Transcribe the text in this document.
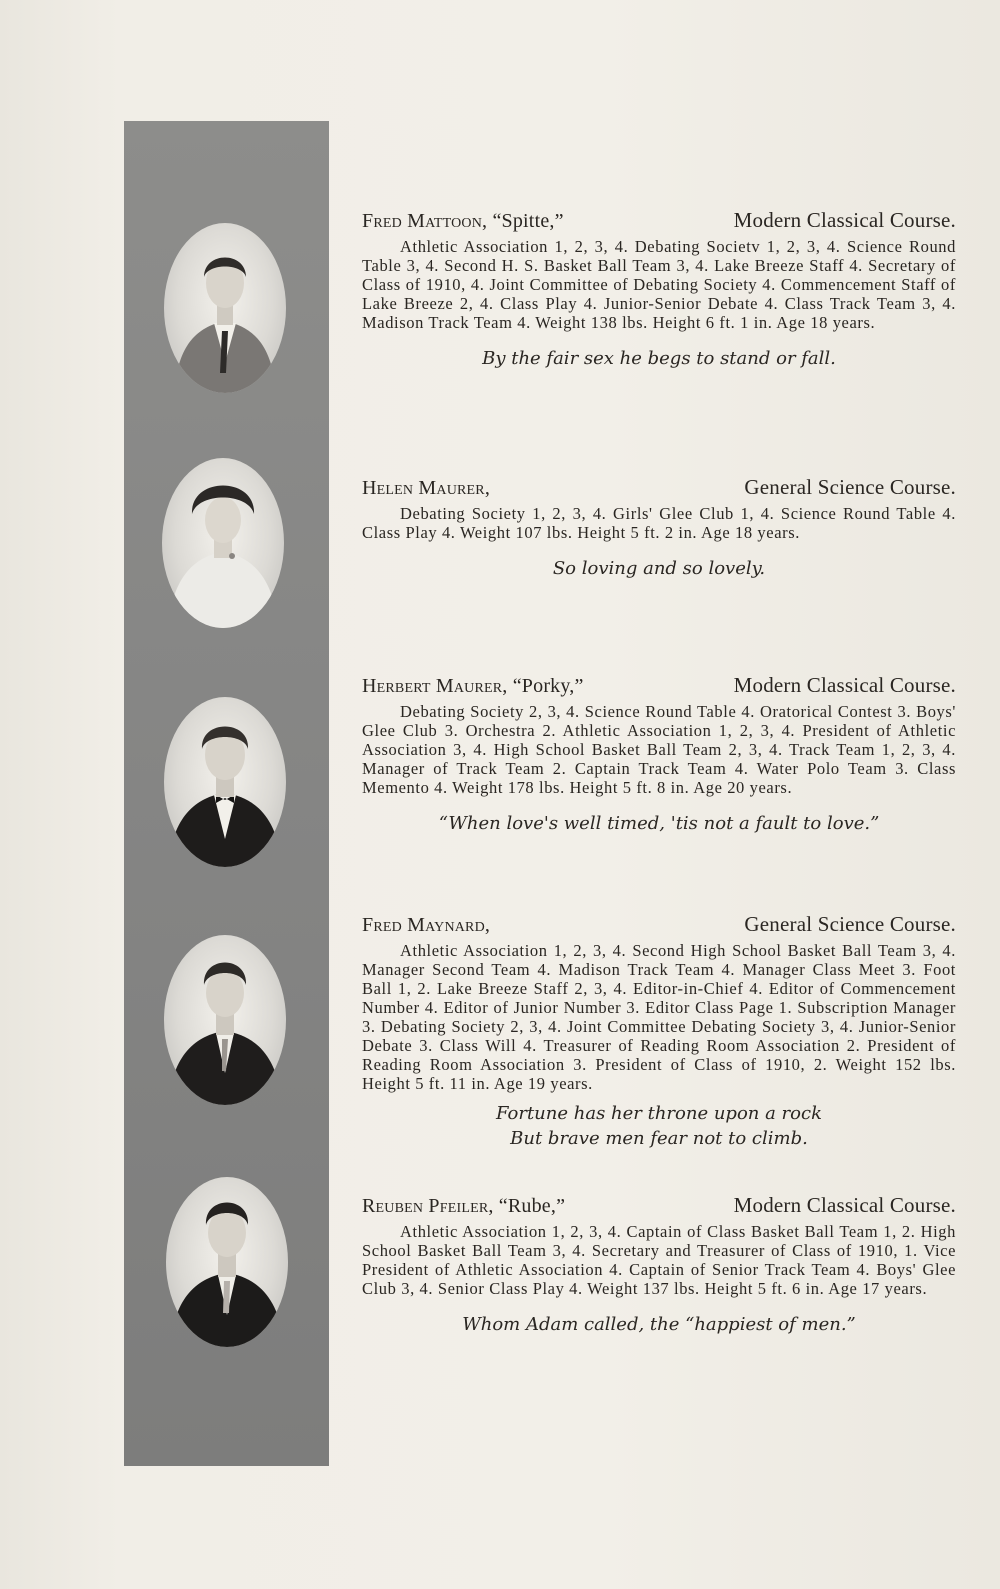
Fred Mattoon, “Spitte,”	Modern Classical Course.
Athletic Association 1, 2, 3, 4. Debating Societv 1, 2, 3, 4. Science Round Table 3, 4. Second H. S. Basket Ball Team 3, 4. Lake Breeze Staff 4. Secretary of Class of 1910, 4. Joint Committee of Debating Society 4. Commencement Staff of Lake Breeze 2, 4. Class Play 4. Junior-Senior Debate 4. Class Track Team 3, 4. Madison Track Team 4. Weight 138 lbs. Height 6 ft. 1 in. Age 18 years.
By the fair sex he begs to stand or fall.
Helen Maurer,	General Science Course.
Debating Society 1, 2, 3, 4. Girls' Glee Club 1, 4. Science Round Table 4. Class Play 4. Weight 107 lbs. Height 5 ft. 2 in. Age 18 years.
So loving and so lovely.
Herbert Maurer, “Porky,”	Modern Classical Course.
Debating Society 2, 3, 4. Science Round Table 4. Oratorical Contest 3. Boys' Glee Club 3. Orchestra 2. Athletic Association 1, 2, 3, 4. President of Athletic Association 3, 4. High School Basket Ball Team 2, 3, 4. Track Team 1, 2, 3, 4. Manager of Track Team 2. Captain Track Team 4. Water Polo Team 3. Class Memento 4. Weight 178 lbs. Height 5 ft. 8 in. Age 20 years.
“When love's well timed, 'tis not a fault to love.”
Fred Maynard,	General Science Course.
Athletic Association 1, 2, 3, 4. Second High School Basket Ball Team 3, 4. Manager Second Team 4. Madison Track Team 4. Manager Class Meet 3. Foot Ball 1, 2. Lake Breeze Staff 2, 3, 4. Editor-in-Chief 4. Editor of Commencement Number 4. Editor of Junior Number 3. Editor Class Page 1. Subscription Manager 3. Debating Society 2, 3, 4. Joint Committee Debating Society 3, 4. Junior-Senior Debate 3. Class Will 4. Treasurer of Reading Room Association 2. President of Reading Room Association 3. President of Class of 1910, 2. Weight 152 lbs. Height 5 ft. 11 in. Age 19 years.
Fortune has her throne upon a rock
But brave men fear not to climb.
Reuben Pfeiler, “Rube,”	Modern Classical Course.
Athletic Association 1, 2, 3, 4. Captain of Class Basket Ball Team 1, 2. High School Basket Ball Team 3, 4. Secretary and Treasurer of Class of 1910, 1. Vice President of Athletic Association 4. Captain of Senior Track Team 4. Boys' Glee Club 3, 4. Senior Class Play 4. Weight 137 lbs. Height 5 ft. 6 in. Age 17 years.
Whom Adam called, the “happiest of men.”
